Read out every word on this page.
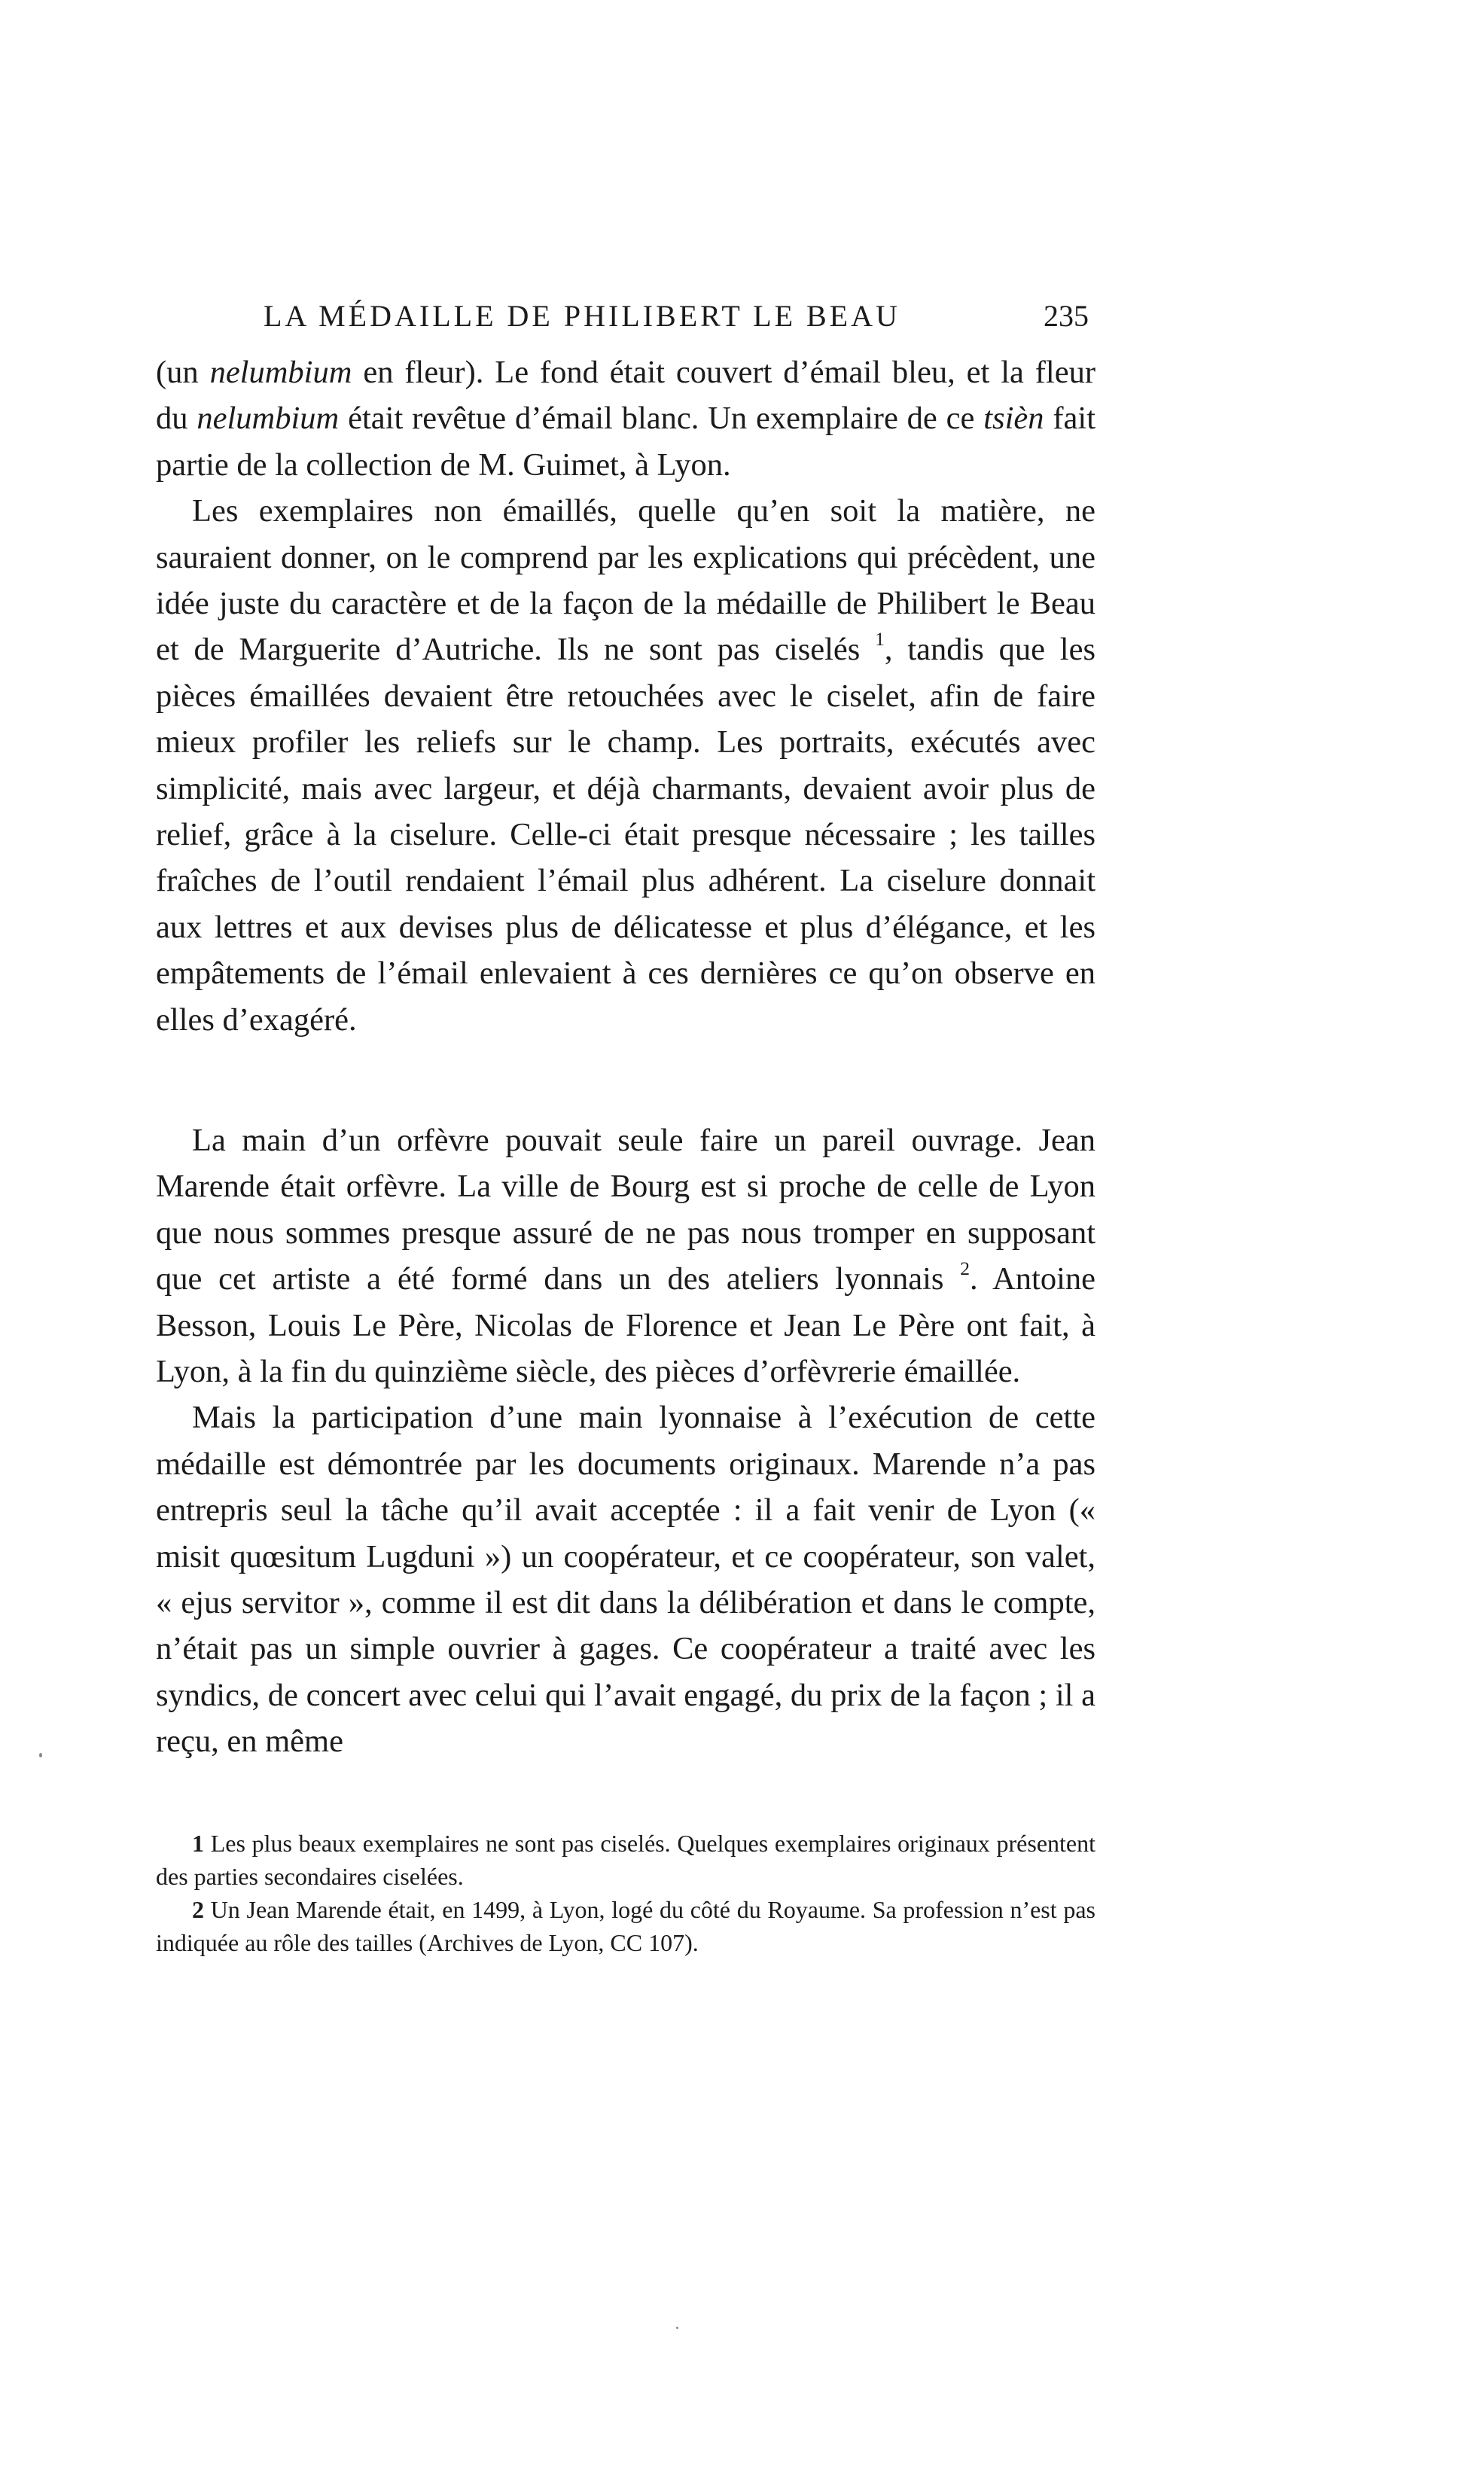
LA MÉDAILLE DE PHILIBERT LE BEAU	235

(un nelumbium en fleur). Le fond était couvert d’émail bleu, et la fleur du nelumbium était revêtue d’émail blanc. Un exemplaire de ce tsièn fait partie de la collection de M. Guimet, à Lyon.

Les exemplaires non émaillés, quelle qu’en soit la matière, ne sauraient donner, on le comprend par les explications qui précèdent, une idée juste du caractère et de la façon de la médaille de Philibert le Beau et de Marguerite d’Autriche. Ils ne sont pas ciselés $^1$, tandis que les pièces émaillées devaient être retouchées avec le ciselet, afin de faire mieux profiler les reliefs sur le champ. Les portraits, exécutés avec simplicité, mais avec largeur, et déjà charmants, devaient avoir plus de relief, grâce à la ciselure. Celle-ci était presque nécessaire ; les tailles fraîches de l’outil rendaient l’émail plus adhérent. La ciselure donnait aux lettres et aux devises plus de délicatesse et plus d’élégance, et les empâtements de l’émail enlevaient à ces dernières ce qu’on observe en elles d’exagéré.

La main d’un orfèvre pouvait seule faire un pareil ouvrage. Jean Marende était orfèvre. La ville de Bourg est si proche de celle de Lyon que nous sommes presque assuré de ne pas nous tromper en supposant que cet artiste a été formé dans un des ateliers lyonnais $^2$. Antoine Besson, Louis Le Père, Nicolas de Florence et Jean Le Père ont fait, à Lyon, à la fin du quinzième siècle, des pièces d’orfèvrerie émaillée.

Mais la participation d’une main lyonnaise à l’exécution de cette médaille est démontrée par les documents originaux. Marende n’a pas entrepris seul la tâche qu’il avait acceptée : il a fait venir de Lyon (« misit quœsitum Lugduni ») un coopérateur, et ce coopérateur, son valet, « ejus servitor », comme il est dit dans la délibération et dans le compte, n’était pas un simple ouvrier à gages. Ce coopérateur a traité avec les syndics, de concert avec celui qui l’avait engagé, du prix de la façon ; il a reçu, en même

1 Les plus beaux exemplaires ne sont pas ciselés. Quelques exemplaires originaux présentent des parties secondaires ciselées.

2 Un Jean Marende était, en 1499, à Lyon, logé du côté du Royaume. Sa profession n’est pas indiquée au rôle des tailles (Archives de Lyon, CC 107).
